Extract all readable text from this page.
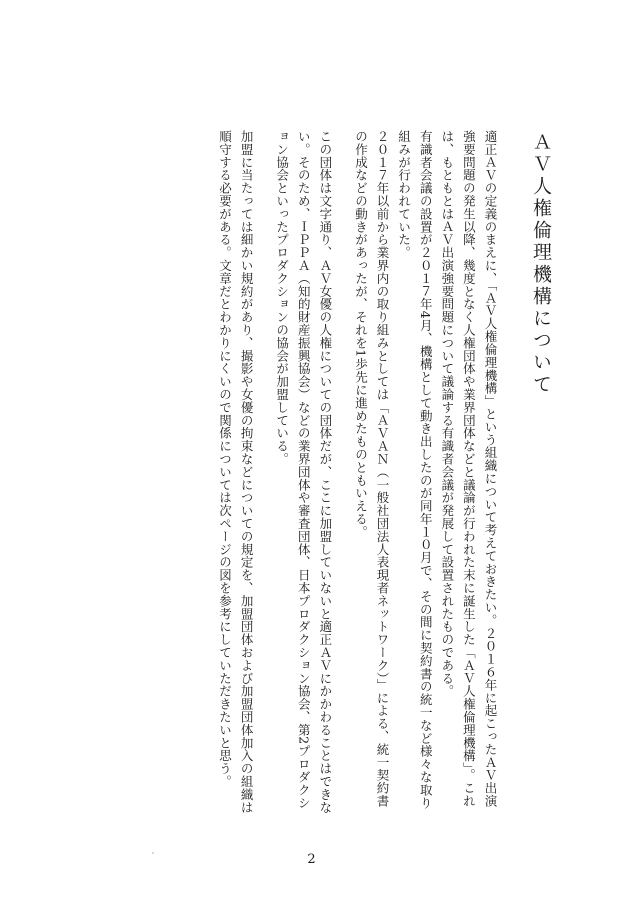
ＡＶ人権倫理機構について
適正ＡＶの定義のまえに、「ＡＶ人権倫理機構」という組織について考えておきたい。２０１６年に起こったＡＶ出演強要問題の発生以降、幾度となく人権団体や業界団体などと議論が行われた末に誕生した「ＡＶ人権倫理機構」。これは、もともとはＡＶ出演強要問題について議論する有識者会議が発展して設置されたものである。
有識者会議の設置が２０１７年4月、機構として動き出したのが同年１０月で、その間に契約書の統一など様々な取り組みが行われていた。
２０１７年以前から業界内の取り組みとしては「ＡＶＡＮ（一般社団法人表現者ネットワーク）」による、統一契約書の作成などの動きがあったが、それを1歩先に進めたものともいえる。
この団体は文字通り、ＡＶ女優の人権についての団体だが、ここに加盟していないと適正ＡＶにかかわることはできない。そのため、ＩＰＰＡ（知的財産振興協会）などの業界団体や審査団体、日本プロダクション協会、第2プロダクション協会といったプロダクションの協会が加盟している。
加盟に当たっては細かい規約があり、撮影や女優の拘束などについての規定を、加盟団体および加盟団体加入の組織は順守する必要がある。文章だとわかりにくいので関係については次ページの図を参考にしていただきたいと思う。
2
